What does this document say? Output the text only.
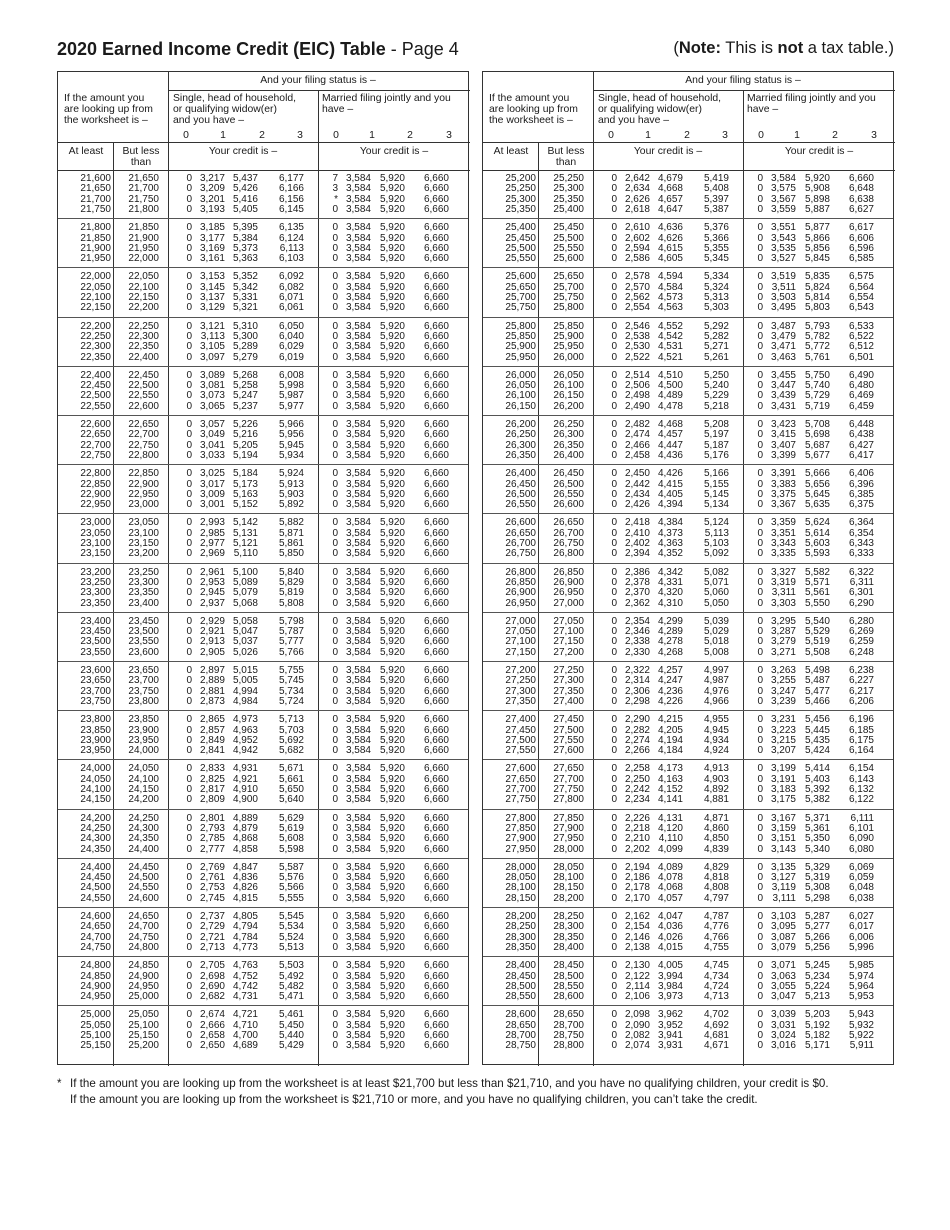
2020 Earned Income Credit (EIC) Table - Page 4	(Note: This is not a tax table.)
And your filing status is –
If the amount you
are looking up from
the worksheet is –
Single, head of household,
or qualifying widow(er)
and you have –
Married filing jointly and you
have –
0	1	2	3	0	1	2	3
At least	But less
than
Your credit is –	Your credit is –
21,600 21,650	0 3,217 5,437 6,177	7 3,584 5,920 6,660
21,650 21,700	0 3,209 5,426 6,166	3 3,584 5,920 6,660
21,700 21,750	0 3,201 5,416 6,156	* 3,584 5,920 6,660
21,750 21,800	0 3,193 5,405 6,145	0 3,584 5,920 6,660
21,800 21,850	0 3,185 5,395 6,135	0 3,584 5,920 6,660
21,850 21,900	0 3,177 5,384 6,124	0 3,584 5,920 6,660
21,900 21,950	0 3,169 5,373 6,113	0 3,584 5,920 6,660
21,950 22,000	0 3,161 5,363 6,103	0 3,584 5,920 6,660
22,000 22,050	0 3,153 5,352 6,092	0 3,584 5,920 6,660
22,050 22,100	0 3,145 5,342 6,082	0 3,584 5,920 6,660
22,100 22,150	0 3,137 5,331 6,071	0 3,584 5,920 6,660
22,150 22,200	0 3,129 5,321 6,061	0 3,584 5,920 6,660
22,200 22,250	0 3,121 5,310 6,050	0 3,584 5,920 6,660
22,250 22,300	0 3,113 5,300 6,040	0 3,584 5,920 6,660
22,300 22,350	0 3,105 5,289 6,029	0 3,584 5,920 6,660
22,350 22,400	0 3,097 5,279 6,019	0 3,584 5,920 6,660
22,400 22,450	0 3,089 5,268 6,008	0 3,584 5,920 6,660
22,450 22,500	0 3,081 5,258 5,998	0 3,584 5,920 6,660
22,500 22,550	0 3,073 5,247 5,987	0 3,584 5,920 6,660
22,550 22,600	0 3,065 5,237 5,977	0 3,584 5,920 6,660
22,600 22,650	0 3,057 5,226 5,966	0 3,584 5,920 6,660
22,650 22,700	0 3,049 5,216 5,956	0 3,584 5,920 6,660
22,700 22,750	0 3,041 5,205 5,945	0 3,584 5,920 6,660
22,750 22,800	0 3,033 5,194 5,934	0 3,584 5,920 6,660
22,800 22,850	0 3,025 5,184 5,924	0 3,584 5,920 6,660
22,850 22,900	0 3,017 5,173 5,913	0 3,584 5,920 6,660
22,900 22,950	0 3,009 5,163 5,903	0 3,584 5,920 6,660
22,950 23,000	0 3,001 5,152 5,892	0 3,584 5,920 6,660
23,000 23,050	0 2,993 5,142 5,882	0 3,584 5,920 6,660
23,050 23,100	0 2,985 5,131 5,871	0 3,584 5,920 6,660
23,100 23,150	0 2,977 5,121 5,861	0 3,584 5,920 6,660
23,150 23,200	0 2,969 5,110 5,850	0 3,584 5,920 6,660
23,200 23,250	0 2,961 5,100 5,840	0 3,584 5,920 6,660
23,250 23,300	0 2,953 5,089 5,829	0 3,584 5,920 6,660
23,300 23,350	0 2,945 5,079 5,819	0 3,584 5,920 6,660
23,350 23,400	0 2,937 5,068 5,808	0 3,584 5,920 6,660
23,400 23,450	0 2,929 5,058 5,798	0 3,584 5,920 6,660
23,450 23,500	0 2,921 5,047 5,787	0 3,584 5,920 6,660
23,500 23,550	0 2,913 5,037 5,777	0 3,584 5,920 6,660
23,550 23,600	0 2,905 5,026 5,766	0 3,584 5,920 6,660
23,600 23,650	0 2,897 5,015 5,755	0 3,584 5,920 6,660
23,650 23,700	0 2,889 5,005 5,745	0 3,584 5,920 6,660
23,700 23,750	0 2,881 4,994 5,734	0 3,584 5,920 6,660
23,750 23,800	0 2,873 4,984 5,724	0 3,584 5,920 6,660
23,800 23,850	0 2,865 4,973 5,713	0 3,584 5,920 6,660
23,850 23,900	0 2,857 4,963 5,703	0 3,584 5,920 6,660
23,900 23,950	0 2,849 4,952 5,692	0 3,584 5,920 6,660
23,950 24,000	0 2,841 4,942 5,682	0 3,584 5,920 6,660
24,000 24,050	0 2,833 4,931 5,671	0 3,584 5,920 6,660
24,050 24,100	0 2,825 4,921 5,661	0 3,584 5,920 6,660
24,100 24,150	0 2,817 4,910 5,650	0 3,584 5,920 6,660
24,150 24,200	0 2,809 4,900 5,640	0 3,584 5,920 6,660
24,200 24,250	0 2,801 4,889 5,629	0 3,584 5,920 6,660
24,250 24,300	0 2,793 4,879 5,619	0 3,584 5,920 6,660
24,300 24,350	0 2,785 4,868 5,608	0 3,584 5,920 6,660
24,350 24,400	0 2,777 4,858 5,598	0 3,584 5,920 6,660
24,400 24,450	0 2,769 4,847 5,587	0 3,584 5,920 6,660
24,450 24,500	0 2,761 4,836 5,576	0 3,584 5,920 6,660
24,500 24,550	0 2,753 4,826 5,566	0 3,584 5,920 6,660
24,550 24,600	0 2,745 4,815 5,555	0 3,584 5,920 6,660
24,600 24,650	0 2,737 4,805 5,545	0 3,584 5,920 6,660
24,650 24,700	0 2,729 4,794 5,534	0 3,584 5,920 6,660
24,700 24,750	0 2,721 4,784 5,524	0 3,584 5,920 6,660
24,750 24,800	0 2,713 4,773 5,513	0 3,584 5,920 6,660
24,800 24,850	0 2,705 4,763 5,503	0 3,584 5,920 6,660
24,850 24,900	0 2,698 4,752 5,492	0 3,584 5,920 6,660
24,900 24,950	0 2,690 4,742 5,482	0 3,584 5,920 6,660
24,950 25,000	0 2,682 4,731 5,471	0 3,584 5,920 6,660
25,000 25,050	0 2,674 4,721 5,461	0 3,584 5,920 6,660
25,050 25,100	0 2,666 4,710 5,450	0 3,584 5,920 6,660
25,100 25,150	0 2,658 4,700 5,440	0 3,584 5,920 6,660
25,150 25,200	0 2,650 4,689 5,429	0 3,584 5,920 6,660
And your filing status is –
If the amount you
are looking up from
the worksheet is –
Single, head of household,
or qualifying widow(er)
and you have –
Married filing jointly and you
have –
0	1	2	3	0	1	2	3
At least	But less
than
Your credit is –	Your credit is –
25,200 25,250	0 2,642 4,679 5,419	0 3,584 5,920 6,660
25,250 25,300	0 2,634 4,668 5,408	0 3,575 5,908 6,648
25,300 25,350	0 2,626 4,657 5,397	0 3,567 5,898 6,638
25,350 25,400	0 2,618 4,647 5,387	0 3,559 5,887 6,627
25,400 25,450	0 2,610 4,636 5,376	0 3,551 5,877 6,617
25,450 25,500	0 2,602 4,626 5,366	0 3,543 5,866 6,606
25,500 25,550	0 2,594 4,615 5,355	0 3,535 5,856 6,596
25,550 25,600	0 2,586 4,605 5,345	0 3,527 5,845 6,585
25,600 25,650	0 2,578 4,594 5,334	0 3,519 5,835 6,575
25,650 25,700	0 2,570 4,584 5,324	0 3,511 5,824 6,564
25,700 25,750	0 2,562 4,573 5,313	0 3,503 5,814 6,554
25,750 25,800	0 2,554 4,563 5,303	0 3,495 5,803 6,543
25,800 25,850	0 2,546 4,552 5,292	0 3,487 5,793 6,533
25,850 25,900	0 2,538 4,542 5,282	0 3,479 5,782 6,522
25,900 25,950	0 2,530 4,531 5,271	0 3,471 5,772 6,512
25,950 26,000	0 2,522 4,521 5,261	0 3,463 5,761 6,501
26,000 26,050	0 2,514 4,510 5,250	0 3,455 5,750 6,490
26,050 26,100	0 2,506 4,500 5,240	0 3,447 5,740 6,480
26,100 26,150	0 2,498 4,489 5,229	0 3,439 5,729 6,469
26,150 26,200	0 2,490 4,478 5,218	0 3,431 5,719 6,459
26,200 26,250	0 2,482 4,468 5,208	0 3,423 5,708 6,448
26,250 26,300	0 2,474 4,457 5,197	0 3,415 5,698 6,438
26,300 26,350	0 2,466 4,447 5,187	0 3,407 5,687 6,427
26,350 26,400	0 2,458 4,436 5,176	0 3,399 5,677 6,417
26,400 26,450	0 2,450 4,426 5,166	0 3,391 5,666 6,406
26,450 26,500	0 2,442 4,415 5,155	0 3,383 5,656 6,396
26,500 26,550	0 2,434 4,405 5,145	0 3,375 5,645 6,385
26,550 26,600	0 2,426 4,394 5,134	0 3,367 5,635 6,375
26,600 26,650	0 2,418 4,384 5,124	0 3,359 5,624 6,364
26,650 26,700	0 2,410 4,373 5,113	0 3,351 5,614 6,354
26,700 26,750	0 2,402 4,363 5,103	0 3,343 5,603 6,343
26,750 26,800	0 2,394 4,352 5,092	0 3,335 5,593 6,333
26,800 26,850	0 2,386 4,342 5,082	0 3,327 5,582 6,322
26,850 26,900	0 2,378 4,331 5,071	0 3,319 5,571 6,311
26,900 26,950	0 2,370 4,320 5,060	0 3,311 5,561 6,301
26,950 27,000	0 2,362 4,310 5,050	0 3,303 5,550 6,290
27,000 27,050	0 2,354 4,299 5,039	0 3,295 5,540 6,280
27,050 27,100	0 2,346 4,289 5,029	0 3,287 5,529 6,269
27,100 27,150	0 2,338 4,278 5,018	0 3,279 5,519 6,259
27,150 27,200	0 2,330 4,268 5,008	0 3,271 5,508 6,248
27,200 27,250	0 2,322 4,257 4,997	0 3,263 5,498 6,238
27,250 27,300	0 2,314 4,247 4,987	0 3,255 5,487 6,227
27,300 27,350	0 2,306 4,236 4,976	0 3,247 5,477 6,217
27,350 27,400	0 2,298 4,226 4,966	0 3,239 5,466 6,206
27,400 27,450	0 2,290 4,215 4,955	0 3,231 5,456 6,196
27,450 27,500	0 2,282 4,205 4,945	0 3,223 5,445 6,185
27,500 27,550	0 2,274 4,194 4,934	0 3,215 5,435 6,175
27,550 27,600	0 2,266 4,184 4,924	0 3,207 5,424 6,164
27,600 27,650	0 2,258 4,173 4,913	0 3,199 5,414 6,154
27,650 27,700	0 2,250 4,163 4,903	0 3,191 5,403 6,143
27,700 27,750	0 2,242 4,152 4,892	0 3,183 5,392 6,132
27,750 27,800	0 2,234 4,141 4,881	0 3,175 5,382 6,122
27,800 27,850	0 2,226 4,131 4,871	0 3,167 5,371 6,111
27,850 27,900	0 2,218 4,120 4,860	0 3,159 5,361 6,101
27,900 27,950	0 2,210 4,110 4,850	0 3,151 5,350 6,090
27,950 28,000	0 2,202 4,099 4,839	0 3,143 5,340 6,080
28,000 28,050	0 2,194 4,089 4,829	0 3,135 5,329 6,069
28,050 28,100	0 2,186 4,078 4,818	0 3,127 5,319 6,059
28,100 28,150	0 2,178 4,068 4,808	0 3,119 5,308 6,048
28,150 28,200	0 2,170 4,057 4,797	0 3,111 5,298 6,038
28,200 28,250	0 2,162 4,047 4,787	0 3,103 5,287 6,027
28,250 28,300	0 2,154 4,036 4,776	0 3,095 5,277 6,017
28,300 28,350	0 2,146 4,026 4,766	0 3,087 5,266 6,006
28,350 28,400	0 2,138 4,015 4,755	0 3,079 5,256 5,996
28,400 28,450	0 2,130 4,005 4,745	0 3,071 5,245 5,985
28,450 28,500	0 2,122 3,994 4,734	0 3,063 5,234 5,974
28,500 28,550	0 2,114 3,984 4,724	0 3,055 5,224 5,964
28,550 28,600	0 2,106 3,973 4,713	0 3,047 5,213 5,953
28,600 28,650	0 2,098 3,962 4,702	0 3,039 5,203 5,943
28,650 28,700	0 2,090 3,952 4,692	0 3,031 5,192 5,932
28,700 28,750	0 2,082 3,941 4,681	0 3,024 5,182 5,922
28,750 28,800	0 2,074 3,931 4,671	0 3,016 5,171 5,911
* If the amount you are looking up from the worksheet is at least $21,700 but less than $21,710, and you have no qualifying children, your credit is $0.
If the amount you are looking up from the worksheet is $21,710 or more, and you have no qualifying children, you can’t take the credit.
